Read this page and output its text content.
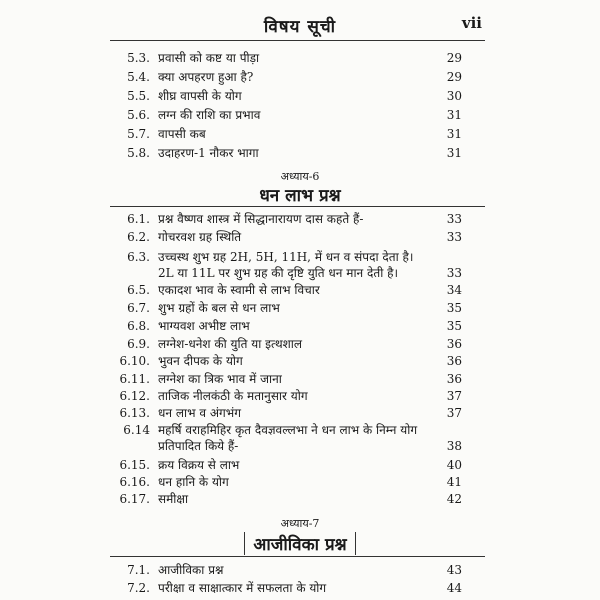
विषय सूची	vii
5.3. प्रवासी को कष्ट या पीड़ा	29
5.4. क्या अपहरण हुआ है?	29
5.5. शीघ्र वापसी के योग	30
5.6. लग्न की राशि का प्रभाव	31
5.7. वापसी कब	31
5.8. उदाहरण-1 नौकर भागा	31
अध्याय-6
धन लाभ प्रश्न
6.1. प्रश्न वैष्णव शास्त्र में सिद्धानारायण दास कहते हैं-	33
6.2. गोचरवश ग्रह स्थिति	33
6.3. उच्चस्थ शुभ ग्रह 2H, 5H, 11H, में धन व संपदा देता है।
2L या 11L पर शुभ ग्रह की दृष्टि युति धन मान देती है।	33
6.5. एकादश भाव के स्वामी से लाभ विचार	34
6.7. शुभ ग्रहों के बल से धन लाभ	35
6.8. भाग्यवश अभीष्ट लाभ	35
6.9. लग्नेश-धनेश की युति या इत्थशाल	36
6.10. भुवन दीपक के योग	36
6.11. लग्नेश का त्रिक भाव में जाना	36
6.12. ताजिक नीलकंठी के मतानुसार योग	37
6.13. धन लाभ व अंगभंग	37
6.14 महर्षि वराहमिहिर कृत दैवज्ञवल्लभा ने धन लाभ के निम्न योग
प्रतिपादित किये हैं-	38
6.15. क्रय विक्रय से लाभ	40
6.16. धन हानि के योग	41
6.17. समीक्षा	42
अध्याय-7
आजीविका प्रश्न
7.1. आजीविका प्रश्न	43
7.2. परीक्षा व साक्षात्कार में सफलता के योग	44
